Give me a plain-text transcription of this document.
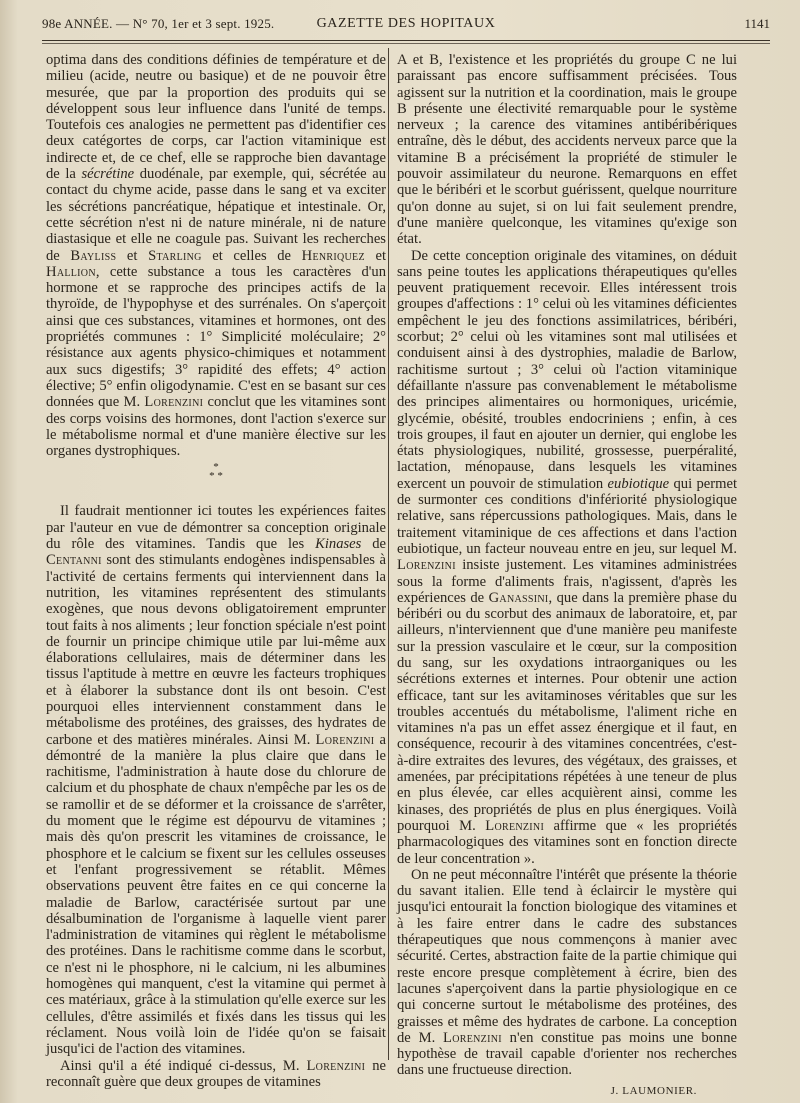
98e ANNÉE. — N° 70, 1er et 3 sept. 1925.	GAZETTE DES HOPITAUX	1141

optima dans des conditions définies de température et de milieu (acide, neutre ou basique) et de ne pouvoir être mesurée, que par la proportion des produits qui se développent sous leur influence dans l'unité de temps. Toutefois ces analogies ne permettent pas d'identifier ces deux catégortes de corps, car l'action vitaminique est indirecte et, de ce chef, elle se rapproche bien davantage de la sécrétine duodénale, par exemple, qui, sécrétée au contact du chyme acide, passe dans le sang et va exciter les sécrétions pancréatique, hépatique et intestinale. Or, cette sécrétion n'est ni de nature minérale, ni de nature diastasique et elle ne coagule pas. Suivant les recherches de Bayliss et Starling et celles de Henriquez et Hallion, cette substance a tous les caractères d'un hormone et se rapproche des principes actifs de la thyroïde, de l'hypophyse et des surrénales. On s'aperçoit ainsi que ces substances, vitamines et hormones, ont des propriétés communes : 1° Simplicité moléculaire; 2° résistance aux agents physico-chimiques et notamment aux sucs digestifs; 3° rapidité des effets; 4° action élective; 5° enfin oligodynamie. C'est en se basant sur ces données que M. Lorenzini conclut que les vitamines sont des corps voisins des hormones, dont l'action s'exerce sur le métabolisme normal et d'une manière élective sur les organes dystrophiques.

*
* *

Il faudrait mentionner ici toutes les expériences faites par l'auteur en vue de démontrer sa conception originale du rôle des vitamines. Tandis que les Kinases de Centanni sont des stimulants endogènes indispensables à l'activité de certains ferments qui interviennent dans la nutrition, les vitamines représentent des stimulants exogènes, que nous devons obligatoirement emprunter tout faits à nos aliments ; leur fonction spéciale n'est point de fournir un principe chimique utile par lui-même aux élaborations cellulaires, mais de déterminer dans les tissus l'aptitude à mettre en œuvre les facteurs trophiques et à élaborer la substance dont ils ont besoin. C'est pourquoi elles interviennent constamment dans le métabolisme des protéines, des graisses, des hydrates de carbone et des matières minérales. Ainsi M. Lorenzini a démontré de la manière la plus claire que dans le rachitisme, l'administration à haute dose du chlorure de calcium et du phosphate de chaux n'empêche par les os de se ramollir et de se déformer et la croissance de s'arrêter, du moment que le régime est dépourvu de vitamines ; mais dès qu'on prescrit les vitamines de croissance, le phosphore et le calcium se fixent sur les cellules osseuses et l'enfant progressivement se rétablit. Mêmes observations peuvent être faites en ce qui concerne la maladie de Barlow, caractérisée surtout par une désalbumination de l'organisme à laquelle vient parer l'administration de vitamines qui règlent le métabolisme des protéines. Dans le rachitisme comme dans le scorbut, ce n'est ni le phosphore, ni le calcium, ni les albumines homogènes qui manquent, c'est la vitamine qui permet à ces matériaux, grâce à la stimulation qu'elle exerce sur les cellules, d'être assimilés et fixés dans les tissus qui les réclament. Nous voilà loin de l'idée qu'on se faisait jusqu'ici de l'action des vitamines.

Ainsi qu'il a été indiqué ci-dessus, M. Lorenzini ne reconnaît guère que deux groupes de vitamines

A et B, l'existence et les propriétés du groupe C ne lui paraissant pas encore suffisamment précisées. Tous agissent sur la nutrition et la coordination, mais le groupe B présente une électivité remarquable pour le système nerveux ; la carence des vitamines antibéribériques entraîne, dès le début, des accidents nerveux parce que la vitamine B a précisément la propriété de stimuler le pouvoir assimilateur du neurone. Remarquons en effet que le béribéri et le scorbut guérissent, quelque nourriture qu'on donne au sujet, si on lui fait seulement prendre, d'une manière quelconque, les vitamines qu'exige son état.

De cette conception originale des vitamines, on déduit sans peine toutes les applications thérapeutiques qu'elles peuvent pratiquement recevoir. Elles intéressent trois groupes d'affections : 1° celui où les vitamines déficientes empêchent le jeu des fonctions assimilatrices, béribéri, scorbut; 2° celui où les vitamines sont mal utilisées et conduisent ainsi à des dystrophies, maladie de Barlow, rachitisme surtout ; 3° celui où l'action vitaminique défaillante n'assure pas convenablement le métabolisme des principes alimentaires ou hormoniques, uricémie, glycémie, obésité, troubles endocriniens ; enfin, à ces trois groupes, il faut en ajouter un dernier, qui englobe les états physiologiques, nubilité, grossesse, puerpéralité, lactation, ménopause, dans lesquels les vitamines exercent un pouvoir de stimulation eubiotique qui permet de surmonter ces conditions d'infériorité physiologique relative, sans répercussions pathologiques. Mais, dans le traitement vitaminique de ces affections et dans l'action eubiotique, un facteur nouveau entre en jeu, sur lequel M. Lorenzini insiste justement. Les vitamines administrées sous la forme d'aliments frais, n'agissent, d'après les expériences de Ganassini, que dans la première phase du béribéri ou du scorbut des animaux de laboratoire, et, par ailleurs, n'interviennent que d'une manière peu manifeste sur la pression vasculaire et le cœur, sur la composition du sang, sur les oxydations intraorganiques ou les sécrétions externes et internes. Pour obtenir une action efficace, tant sur les avitaminoses véritables que sur les troubles accentués du métabolisme, l'aliment riche en vitamines n'a pas un effet assez énergique et il faut, en conséquence, recourir à des vitamines concentrées, c'est-à-dire extraites des levures, des végétaux, des graisses, et amenées, par précipitations répétées à une teneur de plus en plus élevée, car elles acquièrent ainsi, comme les kinases, des propriétés de plus en plus énergiques. Voilà pourquoi M. Lorenzini affirme que « les propriétés pharmacologiques des vitamines sont en fonction directe de leur concentration ».

On ne peut méconnaître l'intérêt que présente la théorie du savant italien. Elle tend à éclaircir le mystère qui jusqu'ici entourait la fonction biologique des vitamines et à les faire entrer dans le cadre des substances thérapeutiques que nous commençons à manier avec sécurité. Certes, abstraction faite de la partie chimique qui reste encore presque complètement à écrire, bien des lacunes s'aperçoivent dans la partie physiologique en ce qui concerne surtout le métabolisme des protéines, des graisses et même des hydrates de carbone. La conception de M. Lorenzini n'en constitue pas moins une bonne hypothèse de travail capable d'orienter nos recherches dans une fructueuse direction.

J. LAUMONIER.
